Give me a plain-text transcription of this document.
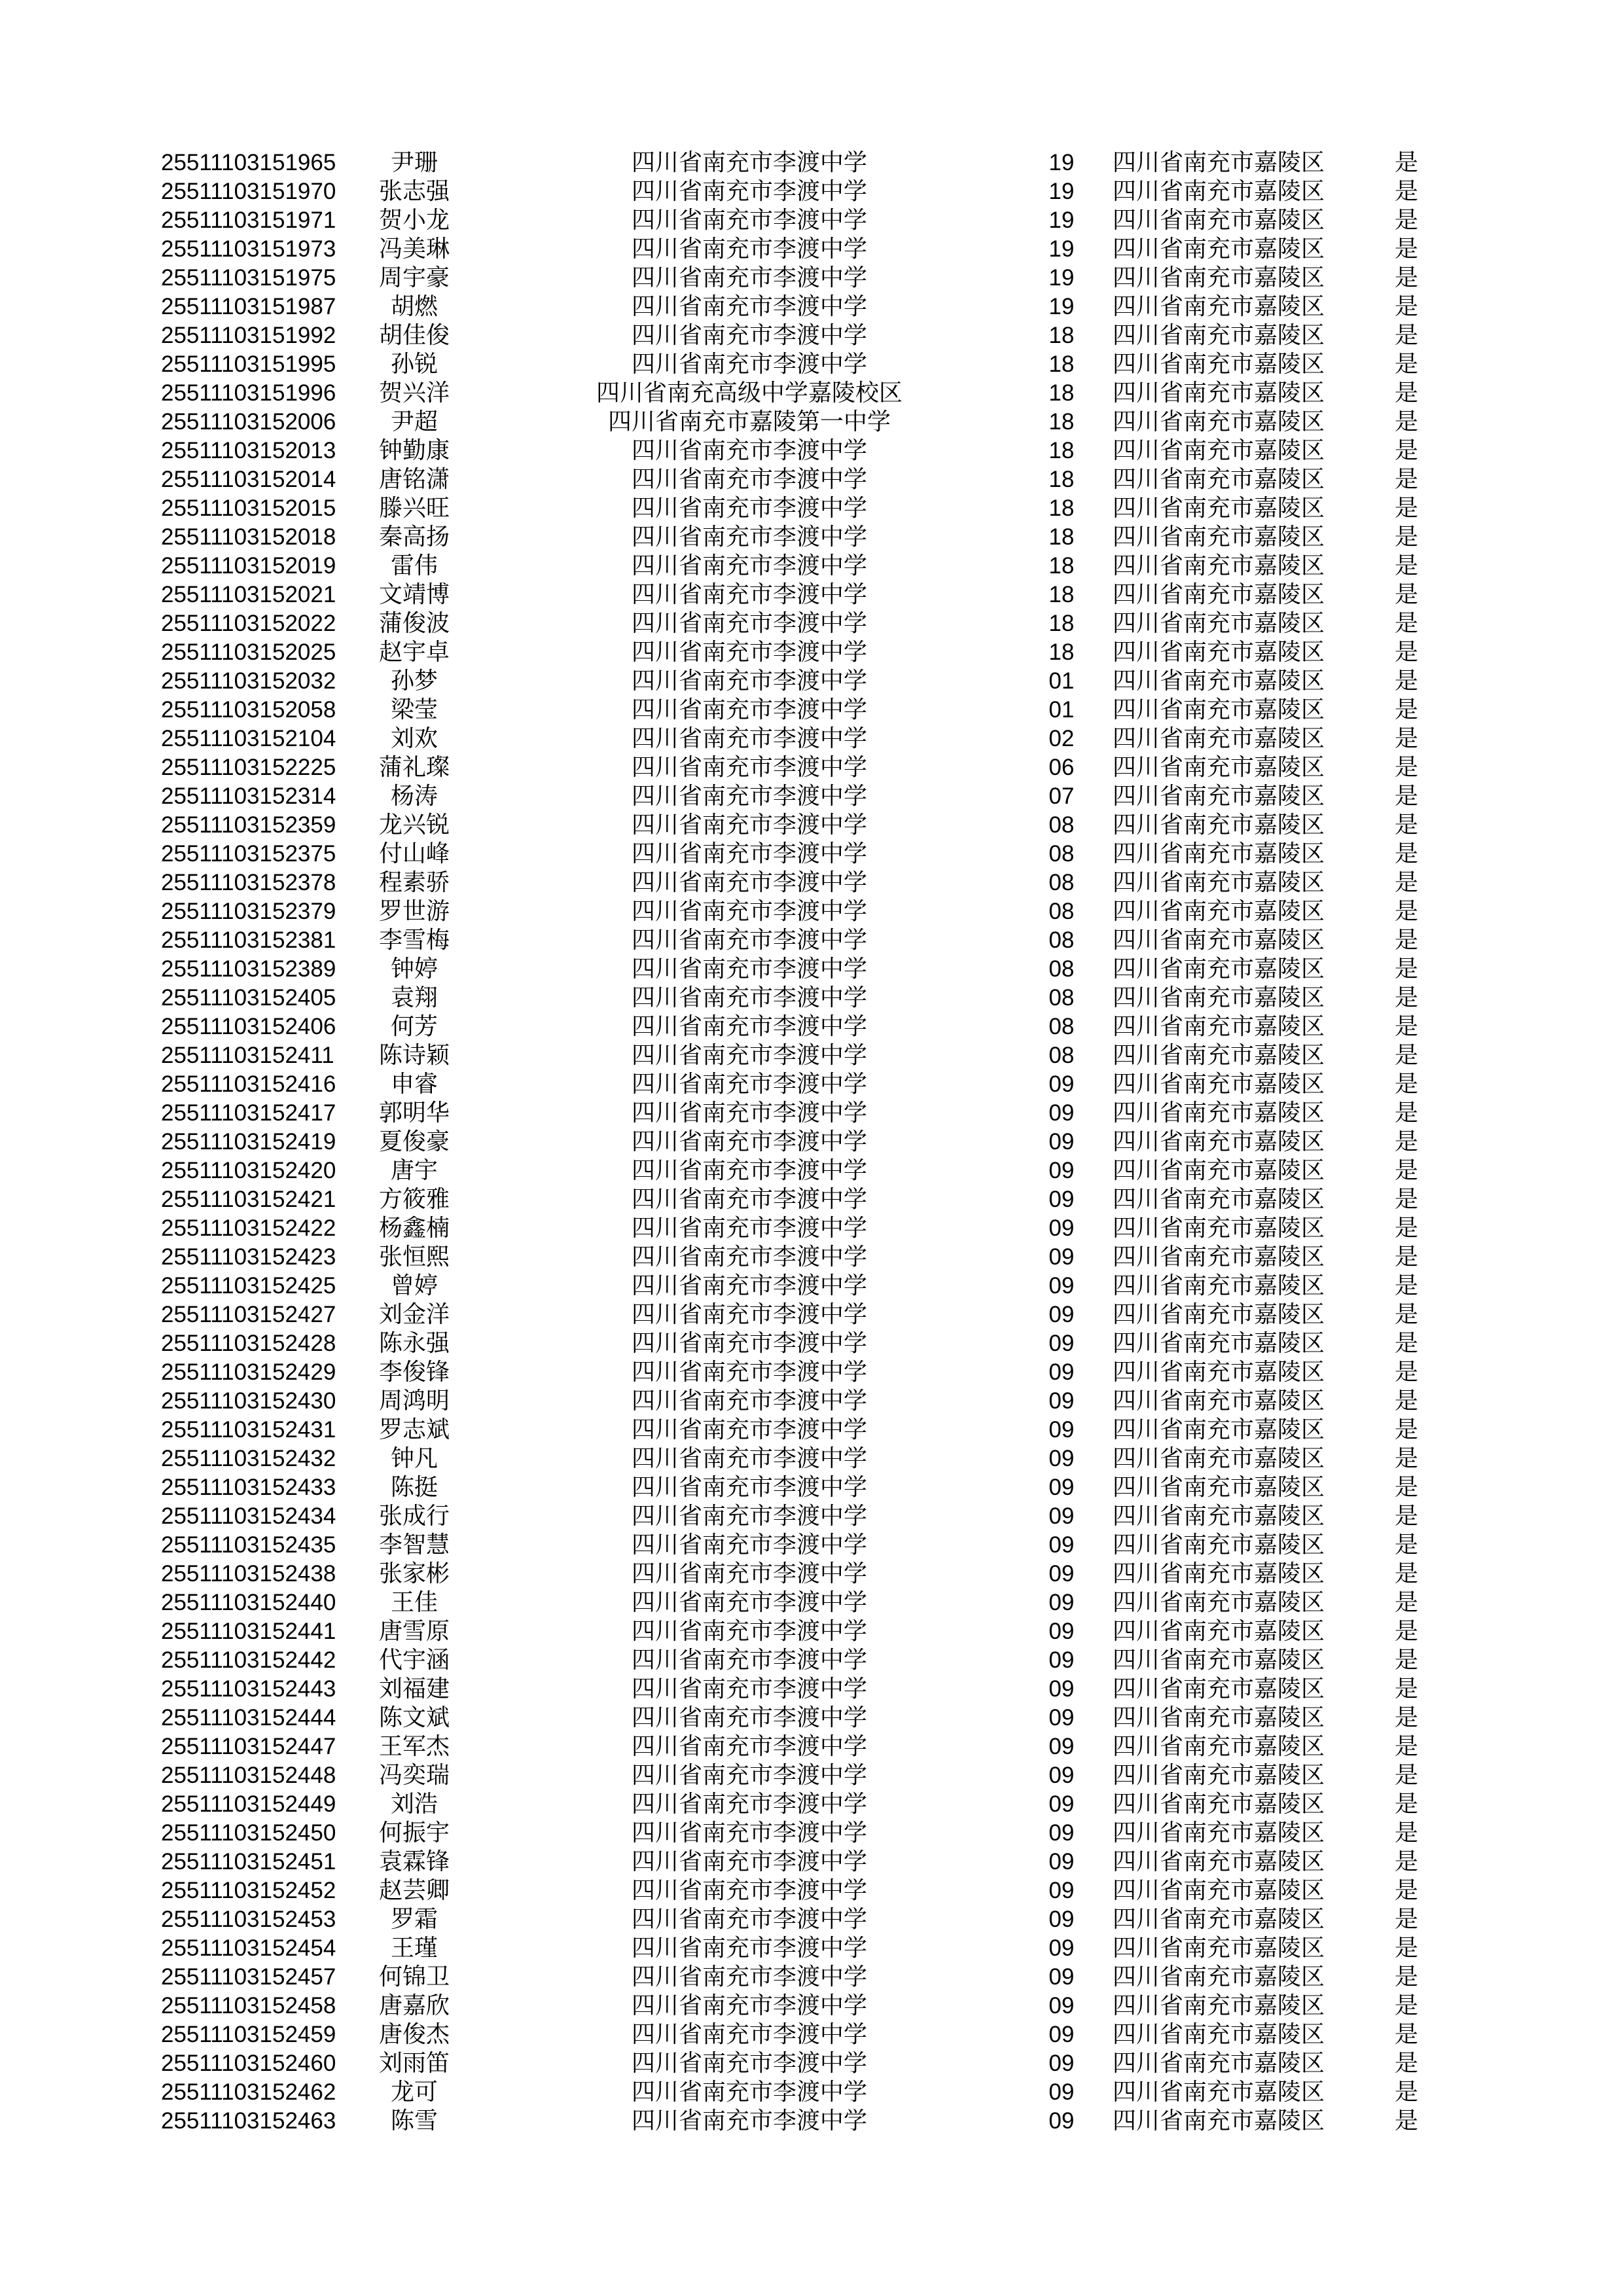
25511103151965	尹珊	四川省南充市李渡中学	19	四川省南充市嘉陵区	是
25511103151970	张志强	四川省南充市李渡中学	19	四川省南充市嘉陵区	是
25511103151971	贺小龙	四川省南充市李渡中学	19	四川省南充市嘉陵区	是
25511103151973	冯美琳	四川省南充市李渡中学	19	四川省南充市嘉陵区	是
25511103151975	周宇豪	四川省南充市李渡中学	19	四川省南充市嘉陵区	是
25511103151987	胡燃	四川省南充市李渡中学	19	四川省南充市嘉陵区	是
25511103151992	胡佳俊	四川省南充市李渡中学	18	四川省南充市嘉陵区	是
25511103151995	孙锐	四川省南充市李渡中学	18	四川省南充市嘉陵区	是
25511103151996	贺兴洋	四川省南充高级中学嘉陵校区	18	四川省南充市嘉陵区	是
25511103152006	尹超	四川省南充市嘉陵第一中学	18	四川省南充市嘉陵区	是
25511103152013	钟勤康	四川省南充市李渡中学	18	四川省南充市嘉陵区	是
25511103152014	唐铭潇	四川省南充市李渡中学	18	四川省南充市嘉陵区	是
25511103152015	滕兴旺	四川省南充市李渡中学	18	四川省南充市嘉陵区	是
25511103152018	秦高扬	四川省南充市李渡中学	18	四川省南充市嘉陵区	是
25511103152019	雷伟	四川省南充市李渡中学	18	四川省南充市嘉陵区	是
25511103152021	文靖博	四川省南充市李渡中学	18	四川省南充市嘉陵区	是
25511103152022	蒲俊波	四川省南充市李渡中学	18	四川省南充市嘉陵区	是
25511103152025	赵宇卓	四川省南充市李渡中学	18	四川省南充市嘉陵区	是
25511103152032	孙梦	四川省南充市李渡中学	01	四川省南充市嘉陵区	是
25511103152058	梁莹	四川省南充市李渡中学	01	四川省南充市嘉陵区	是
25511103152104	刘欢	四川省南充市李渡中学	02	四川省南充市嘉陵区	是
25511103152225	蒲礼璨	四川省南充市李渡中学	06	四川省南充市嘉陵区	是
25511103152314	杨涛	四川省南充市李渡中学	07	四川省南充市嘉陵区	是
25511103152359	龙兴锐	四川省南充市李渡中学	08	四川省南充市嘉陵区	是
25511103152375	付山峰	四川省南充市李渡中学	08	四川省南充市嘉陵区	是
25511103152378	程素骄	四川省南充市李渡中学	08	四川省南充市嘉陵区	是
25511103152379	罗世游	四川省南充市李渡中学	08	四川省南充市嘉陵区	是
25511103152381	李雪梅	四川省南充市李渡中学	08	四川省南充市嘉陵区	是
25511103152389	钟婷	四川省南充市李渡中学	08	四川省南充市嘉陵区	是
25511103152405	袁翔	四川省南充市李渡中学	08	四川省南充市嘉陵区	是
25511103152406	何芳	四川省南充市李渡中学	08	四川省南充市嘉陵区	是
25511103152411	陈诗颖	四川省南充市李渡中学	08	四川省南充市嘉陵区	是
25511103152416	申睿	四川省南充市李渡中学	09	四川省南充市嘉陵区	是
25511103152417	郭明华	四川省南充市李渡中学	09	四川省南充市嘉陵区	是
25511103152419	夏俊豪	四川省南充市李渡中学	09	四川省南充市嘉陵区	是
25511103152420	唐宇	四川省南充市李渡中学	09	四川省南充市嘉陵区	是
25511103152421	方筱雅	四川省南充市李渡中学	09	四川省南充市嘉陵区	是
25511103152422	杨鑫楠	四川省南充市李渡中学	09	四川省南充市嘉陵区	是
25511103152423	张恒熙	四川省南充市李渡中学	09	四川省南充市嘉陵区	是
25511103152425	曾婷	四川省南充市李渡中学	09	四川省南充市嘉陵区	是
25511103152427	刘金洋	四川省南充市李渡中学	09	四川省南充市嘉陵区	是
25511103152428	陈永强	四川省南充市李渡中学	09	四川省南充市嘉陵区	是
25511103152429	李俊锋	四川省南充市李渡中学	09	四川省南充市嘉陵区	是
25511103152430	周鸿明	四川省南充市李渡中学	09	四川省南充市嘉陵区	是
25511103152431	罗志斌	四川省南充市李渡中学	09	四川省南充市嘉陵区	是
25511103152432	钟凡	四川省南充市李渡中学	09	四川省南充市嘉陵区	是
25511103152433	陈挺	四川省南充市李渡中学	09	四川省南充市嘉陵区	是
25511103152434	张成行	四川省南充市李渡中学	09	四川省南充市嘉陵区	是
25511103152435	李智慧	四川省南充市李渡中学	09	四川省南充市嘉陵区	是
25511103152438	张家彬	四川省南充市李渡中学	09	四川省南充市嘉陵区	是
25511103152440	王佳	四川省南充市李渡中学	09	四川省南充市嘉陵区	是
25511103152441	唐雪原	四川省南充市李渡中学	09	四川省南充市嘉陵区	是
25511103152442	代宇涵	四川省南充市李渡中学	09	四川省南充市嘉陵区	是
25511103152443	刘福建	四川省南充市李渡中学	09	四川省南充市嘉陵区	是
25511103152444	陈文斌	四川省南充市李渡中学	09	四川省南充市嘉陵区	是
25511103152447	王军杰	四川省南充市李渡中学	09	四川省南充市嘉陵区	是
25511103152448	冯奕瑞	四川省南充市李渡中学	09	四川省南充市嘉陵区	是
25511103152449	刘浩	四川省南充市李渡中学	09	四川省南充市嘉陵区	是
25511103152450	何振宇	四川省南充市李渡中学	09	四川省南充市嘉陵区	是
25511103152451	袁霖锋	四川省南充市李渡中学	09	四川省南充市嘉陵区	是
25511103152452	赵芸卿	四川省南充市李渡中学	09	四川省南充市嘉陵区	是
25511103152453	罗霜	四川省南充市李渡中学	09	四川省南充市嘉陵区	是
25511103152454	王瑾	四川省南充市李渡中学	09	四川省南充市嘉陵区	是
25511103152457	何锦卫	四川省南充市李渡中学	09	四川省南充市嘉陵区	是
25511103152458	唐嘉欣	四川省南充市李渡中学	09	四川省南充市嘉陵区	是
25511103152459	唐俊杰	四川省南充市李渡中学	09	四川省南充市嘉陵区	是
25511103152460	刘雨笛	四川省南充市李渡中学	09	四川省南充市嘉陵区	是
25511103152462	龙可	四川省南充市李渡中学	09	四川省南充市嘉陵区	是
25511103152463	陈雪	四川省南充市李渡中学	09	四川省南充市嘉陵区	是
